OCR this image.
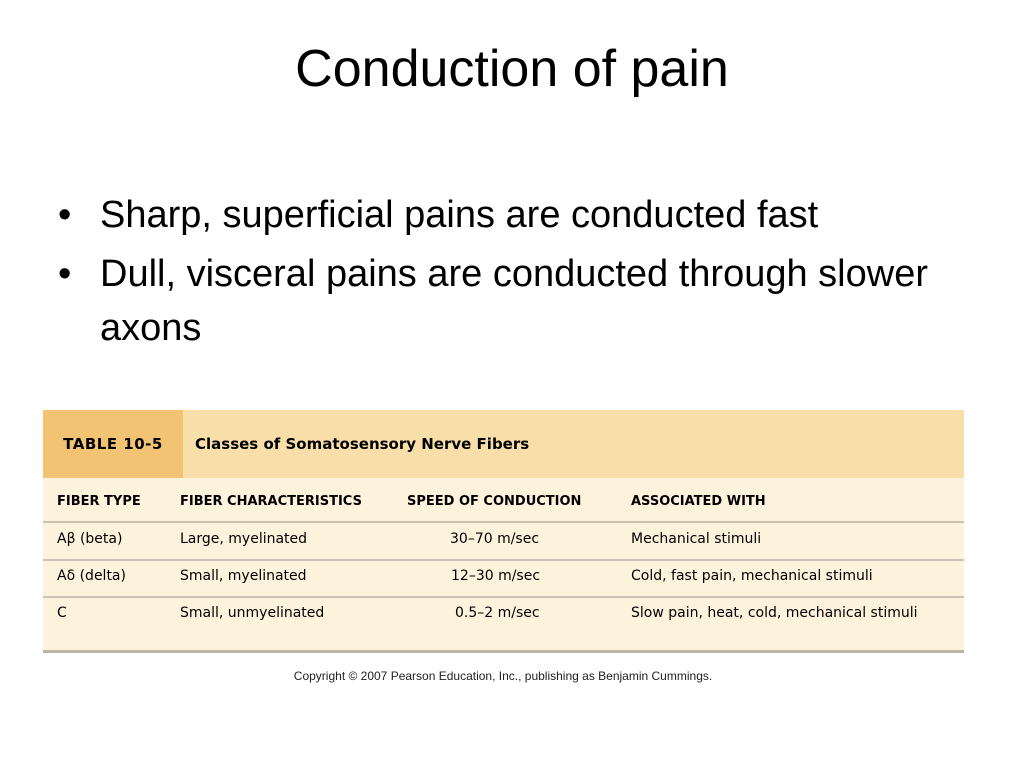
Conduction of pain
• Sharp, superficial pains are conducted fast
• Dull, visceral pains are conducted through slower axons
TABLE 10-5	Classes of Somatosensory Nerve Fibers
FIBER TYPE	FIBER CHARACTERISTICS	SPEED OF CONDUCTION	ASSOCIATED WITH
Aβ (beta)	Large, myelinated	30–70 m/sec	Mechanical stimuli
Aδ (delta)	Small, myelinated	12–30 m/sec	Cold, fast pain, mechanical stimuli
C	Small, unmyelinated	0.5–2 m/sec	Slow pain, heat, cold, mechanical stimuli
Copyright © 2007 Pearson Education, Inc., publishing as Benjamin Cummings.
